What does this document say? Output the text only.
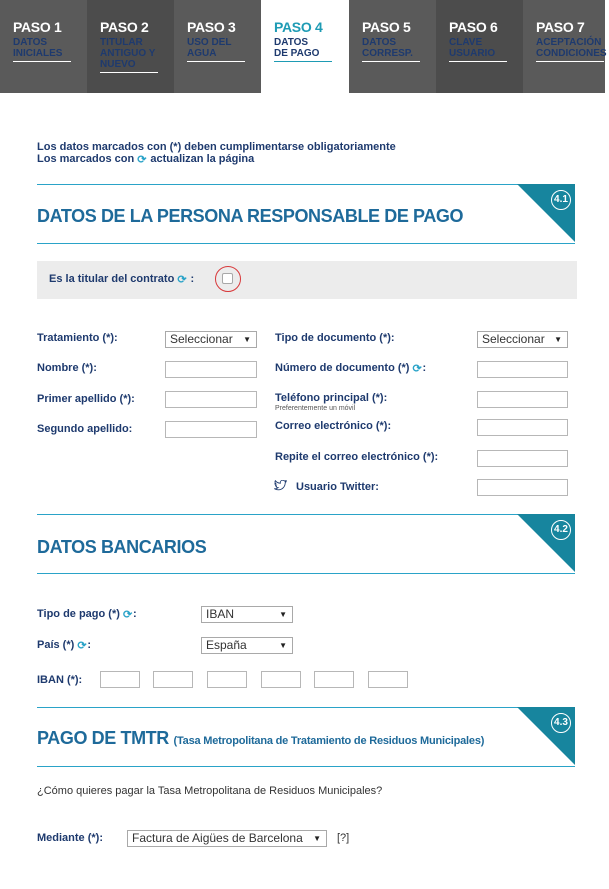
PASO 1
DATOS
INICIALES
PASO 2
TITULAR
ANTIGUO Y
NUEVO
PASO 3
USO DEL
AGUA
PASO 4
DATOS
DE PAGO
PASO 5
DATOS
CORRESP.
PASO 6
CLAVE
USUARIO
PASO 7
ACEPTACIÓN
CONDICIONES
Los datos marcados con (*) deben cumplimentarse obligatoriamente
Los marcados con ⟳ actualizan la página
DATOS DE LA PERSONA RESPONSABLE DE PAGO
4.1
Es la titular del contrato ⟳ :
Tratamiento (*):	Seleccionar ▼
Nombre (*):
Primer apellido (*):
Segundo apellido:
Tipo de documento (*):	Seleccionar ▼
Número de documento (*) ⟳:
Teléfono principal (*):
Preferentemente un móvil
Correo electrónico (*):
Repite el correo electrónico (*):
Usuario Twitter:
DATOS BANCARIOS
4.2
Tipo de pago (*) ⟳:	IBAN	▼
País (*) ⟳:	España	▼
IBAN (*):
PAGO DE TMTR (Tasa Metropolitana de Tratamiento de Residuos Municipales)
4.3
¿Cómo quieres pagar la Tasa Metropolitana de Residuos Municipales?
Mediante (*):	Factura de Aigües de Barcelona ▼ [?]
